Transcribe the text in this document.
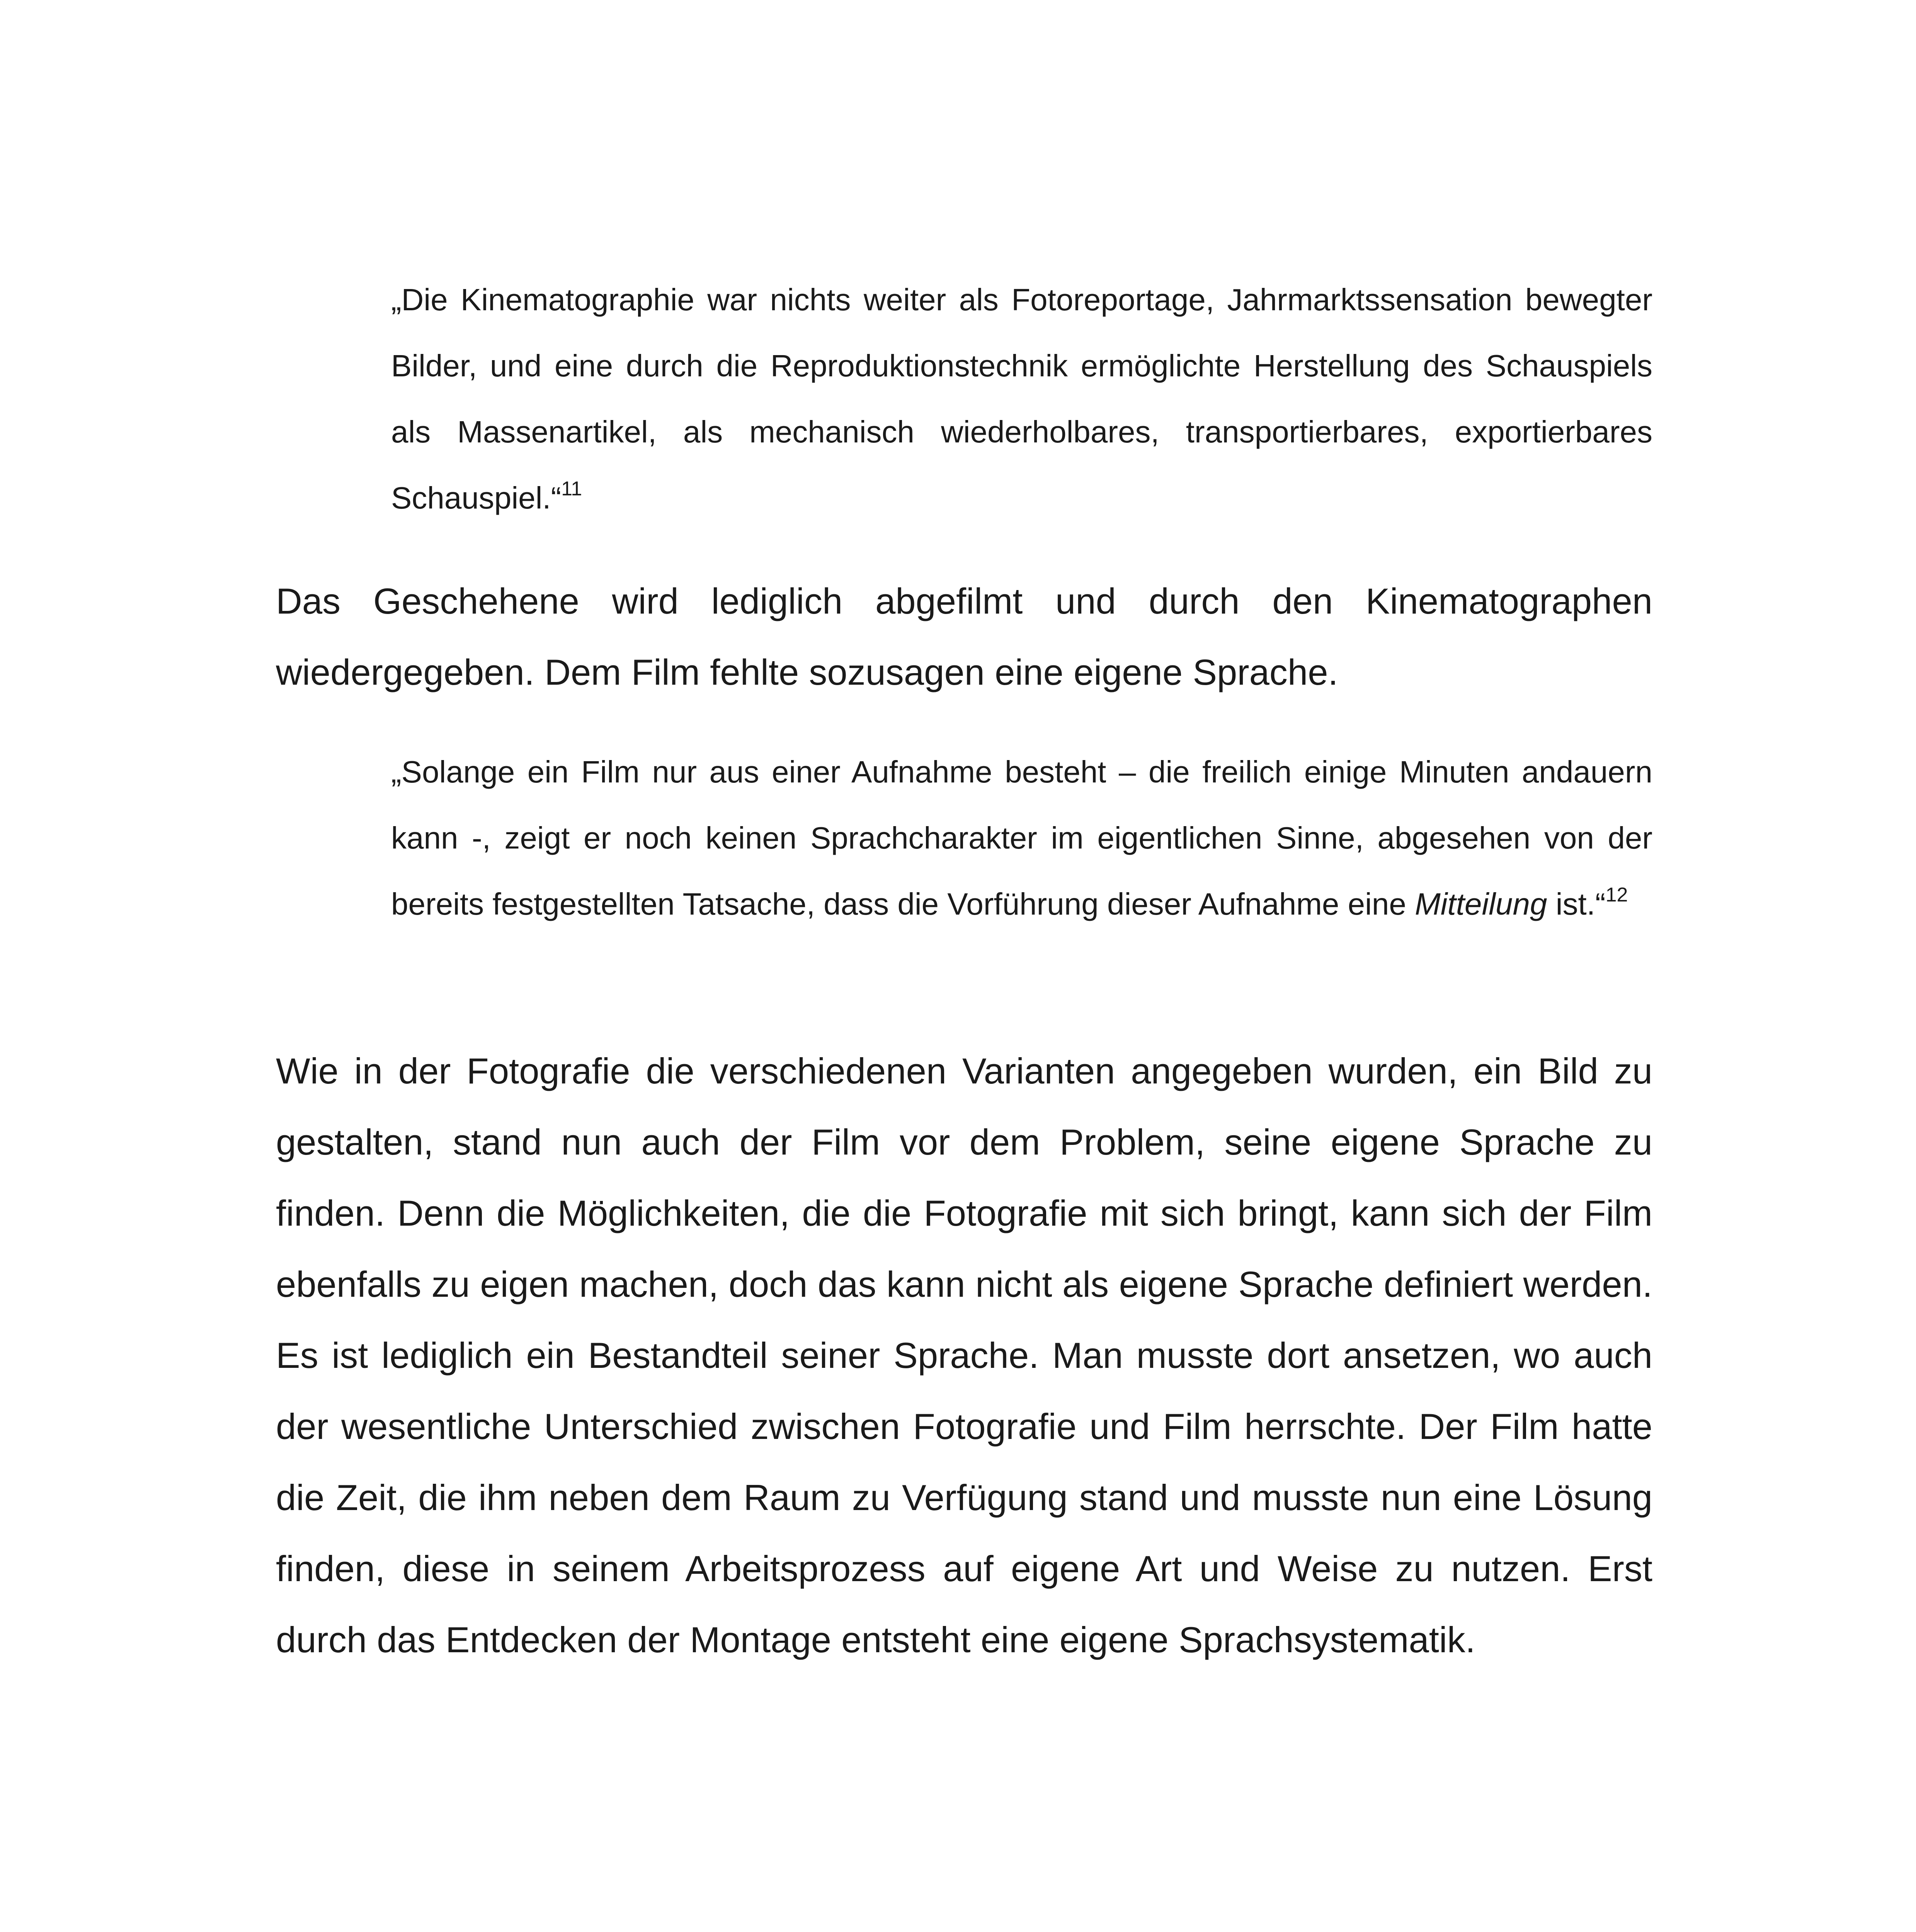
„Die Kinematographie war nichts weiter als Fotoreportage, Jahrmarktssensation bewegter Bilder, und eine durch die Reproduktionstechnik ermöglichte Herstellung des Schauspiels als Massenartikel, als mechanisch wiederholbares, transportierbares, exportierbares Schauspiel.“$^{11}$

Das Geschehene wird lediglich abgefilmt und durch den Kinematographen wiedergegeben. Dem Film fehlte sozusagen eine eigene Sprache.

„Solange ein Film nur aus einer Aufnahme besteht – die freilich einige Minuten andauern kann -, zeigt er noch keinen Sprachcharakter im eigentlichen Sinne, abgesehen von der bereits festgestellten Tatsache, dass die Vorführung dieser Aufnahme eine Mitteilung ist.“$^{12}$

Wie in der Fotografie die verschiedenen Varianten angegeben wurden, ein Bild zu gestalten, stand nun auch der Film vor dem Problem, seine eigene Sprache zu finden. Denn die Möglichkeiten, die die Fotografie mit sich bringt, kann sich der Film ebenfalls zu eigen machen, doch das kann nicht als eigene Sprache definiert werden. Es ist lediglich ein Bestandteil seiner Sprache. Man musste dort ansetzen, wo auch der wesentliche Unterschied zwischen Fotografie und Film herrschte. Der Film hatte die Zeit, die ihm neben dem Raum zu Verfügung stand und musste nun eine Lösung finden, diese in seinem Arbeitsprozess auf eigene Art und Weise zu nutzen. Erst durch das Entdecken der Montage entsteht eine eigene Sprachsystematik.
